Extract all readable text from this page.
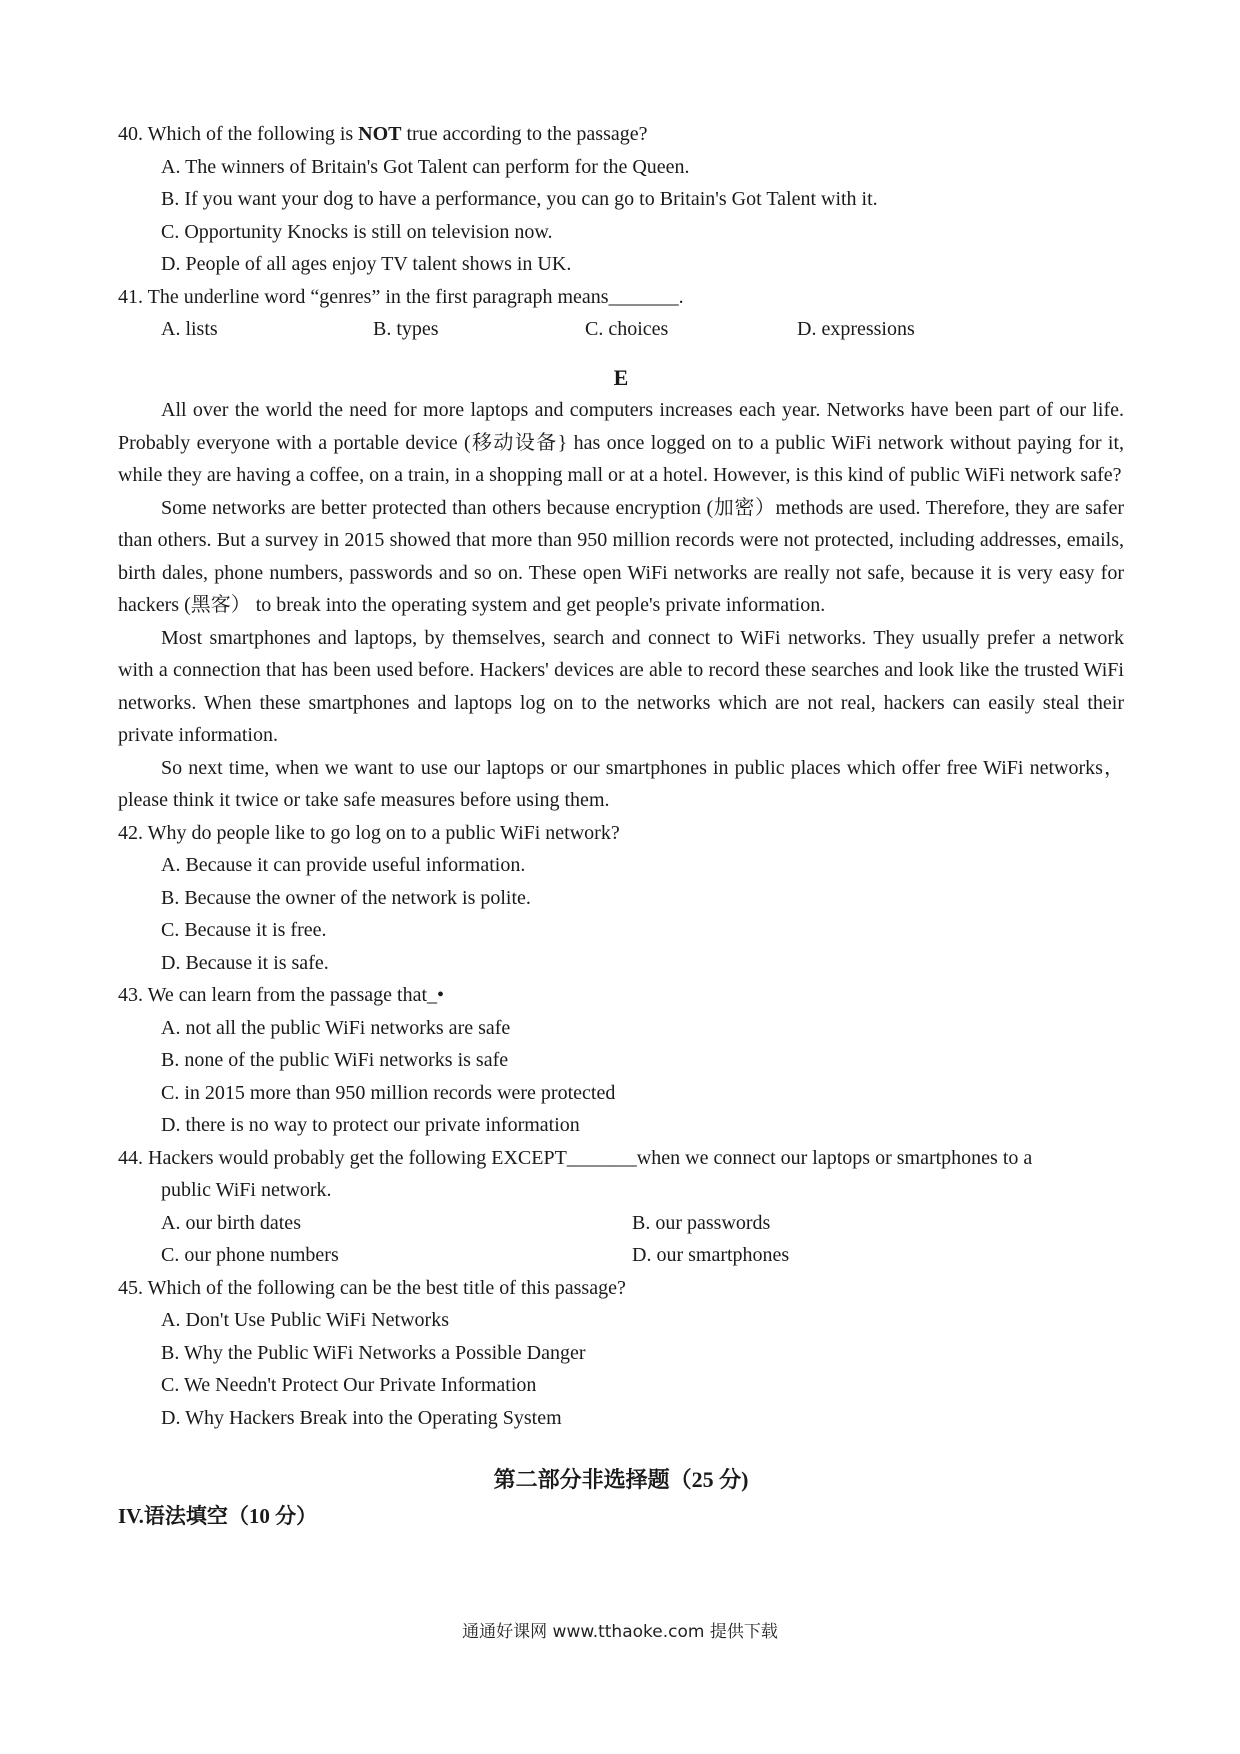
40. Which of the following is NOT true according to the passage?
A. The winners of Britain's Got Talent can perform for the Queen.
B. If you want your dog to have a performance, you can go to Britain's Got Talent with it.
C. Opportunity Knocks is still on television now.
D. People of all ages enjoy TV talent shows in UK.
41. The underline word “genres” in the first paragraph means_______.
A. lists	B. types	C. choices	D. expressions
E

All over the world the need for more laptops and computers increases each year. Networks have been part of our life. Probably everyone with a portable device (移动设备} has once logged on to a public WiFi network without paying for it, while they are having a coffee, on a train, in a shopping mall or at a hotel. However, is this kind of public WiFi network safe?

Some networks are better protected than others because encryption (加密）methods are used. Therefore, they are safer than others. But a survey in 2015 showed that more than 950 million records were not protected, including addresses, emails, birth dales, phone numbers, passwords and so on. These open WiFi networks are really not safe, because it is very easy for hackers (黑客） to break into the operating system and get people's private information.

Most smartphones and laptops, by themselves, search and connect to WiFi networks. They usually prefer a network with a connection that has been used before. Hackers' devices are able to record these searches and look like the trusted WiFi networks. When these smartphones and laptops log on to the networks which are not real, hackers can easily steal their private information.

So next time, when we want to use our laptops or our smartphones in public places which offer free WiFi networks，please think it twice or take safe measures before using them.

42. Why do people like to go log on to a public WiFi network?
A. Because it can provide useful information.
B. Because the owner of the network is polite.
C. Because it is free.
D. Because it is safe.
43. We can learn from the passage that_•
A. not all the public WiFi networks are safe
B. none of the public WiFi networks is safe
C. in 2015 more than 950 million records were protected
D. there is no way to protect our private information
44. Hackers would probably get the following EXCEPT_______when we connect our laptops or smartphones to a
public WiFi network.
A. our birth dates	B. our passwords
C. our phone numbers	D. our smartphones
45. Which of the following can be the best title of this passage?
A. Don't Use Public WiFi Networks
B. Why the Public WiFi Networks a Possible Danger
C. We Needn't Protect Our Private Information
D. Why Hackers Break into the Operating System
第二部分非选择题（25 分)
IV.语法填空（10 分）
通通好课网 www.tthaoke.com 提供下载
